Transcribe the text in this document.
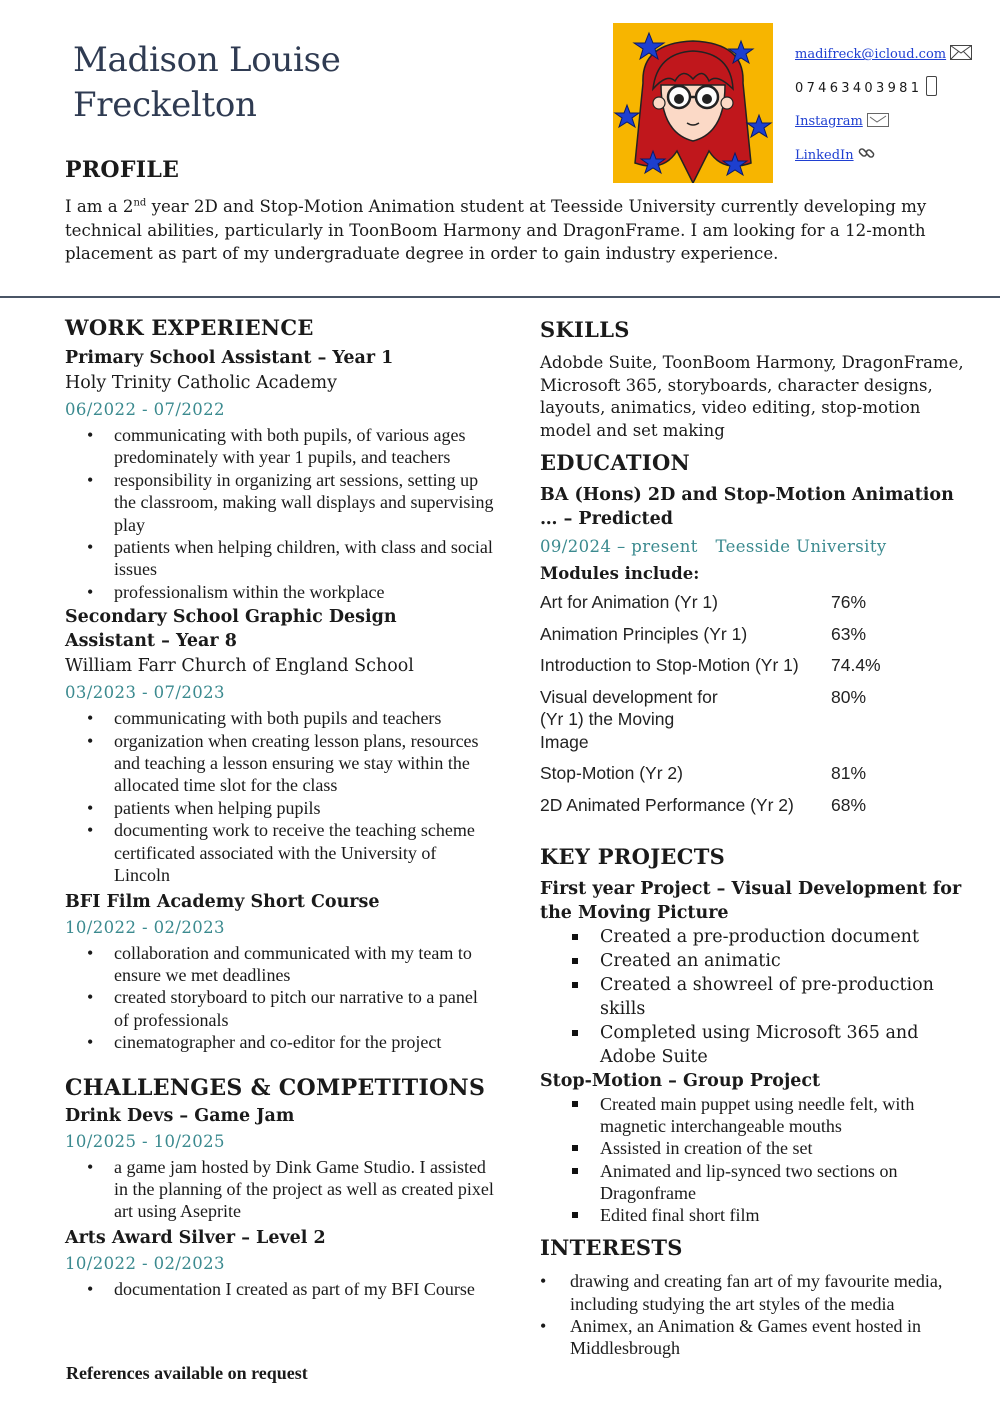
Madison Louise
Freckelton
madifreck@icloud.com
07463403981
Instagram
LinkedIn
PROFILE
I am a 2nd year 2D and Stop-Motion Animation student at Teesside University currently developing my technical abilities, particularly in ToonBoom Harmony and DragonFrame. I am looking for a 12-month placement as part of my undergraduate degree in order to gain industry experience.
WORK EXPERIENCE
Primary School Assistant – Year 1
Holy Trinity Catholic Academy
06/2022 - 07/2022
• communicating with both pupils, of various ages predominately with year 1 pupils, and teachers
• responsibility in organizing art sessions, setting up the classroom, making wall displays and supervising play
• patients when helping children, with class and social issues
• professionalism within the workplace
Secondary School Graphic Design Assistant – Year 8
William Farr Church of England School
03/2023 - 07/2023
• communicating with both pupils and teachers
• organization when creating lesson plans, resources and teaching a lesson ensuring we stay within the allocated time slot for the class
• patients when helping pupils
• documenting work to receive the teaching scheme certificated associated with the University of Lincoln
BFI Film Academy Short Course
10/2022 - 02/2023
• collaboration and communicated with my team to ensure we met deadlines
• created storyboard to pitch our narrative to a panel of professionals
• cinematographer and co-editor for the project
CHALLENGES & COMPETITIONS
Drink Devs – Game Jam
10/2025 - 10/2025
• a game jam hosted by Dink Game Studio. I assisted in the planning of the project as well as created pixel art using Aseprite
Arts Award Silver – Level 2
10/2022 - 02/2023
• documentation I created as part of my BFI Course
References available on request
SKILLS
Adobde Suite, ToonBoom Harmony, DragonFrame, Microsoft 365, storyboards, character designs, layouts, animatics, video editing, stop-motion model and set making
EDUCATION
BA (Hons) 2D and Stop-Motion Animation … – Predicted
09/2024 – present Teesside University
Modules include:
Art for Animation (Yr 1)	76%
Animation Principles (Yr 1)	63%
Introduction to Stop-Motion (Yr 1)	74.4%
Visual development for (Yr 1) the Moving Image	80%
Stop-Motion (Yr 2)	81%
2D Animated Performance (Yr 2)	68%
KEY PROJECTS
First year Project – Visual Development for the Moving Picture
Created a pre-production document
Created an animatic
Created a showreel of pre-production skills
Completed using Microsoft 365 and Adobe Suite
Stop-Motion – Group Project
Created main puppet using needle felt, with magnetic interchangeable mouths
Assisted in creation of the set
Animated and lip-synced two sections on Dragonframe
Edited final short film
INTERESTS
• drawing and creating fan art of my favourite media, including studying the art styles of the media
• Animex, an Animation & Games event hosted in Middlesbrough
